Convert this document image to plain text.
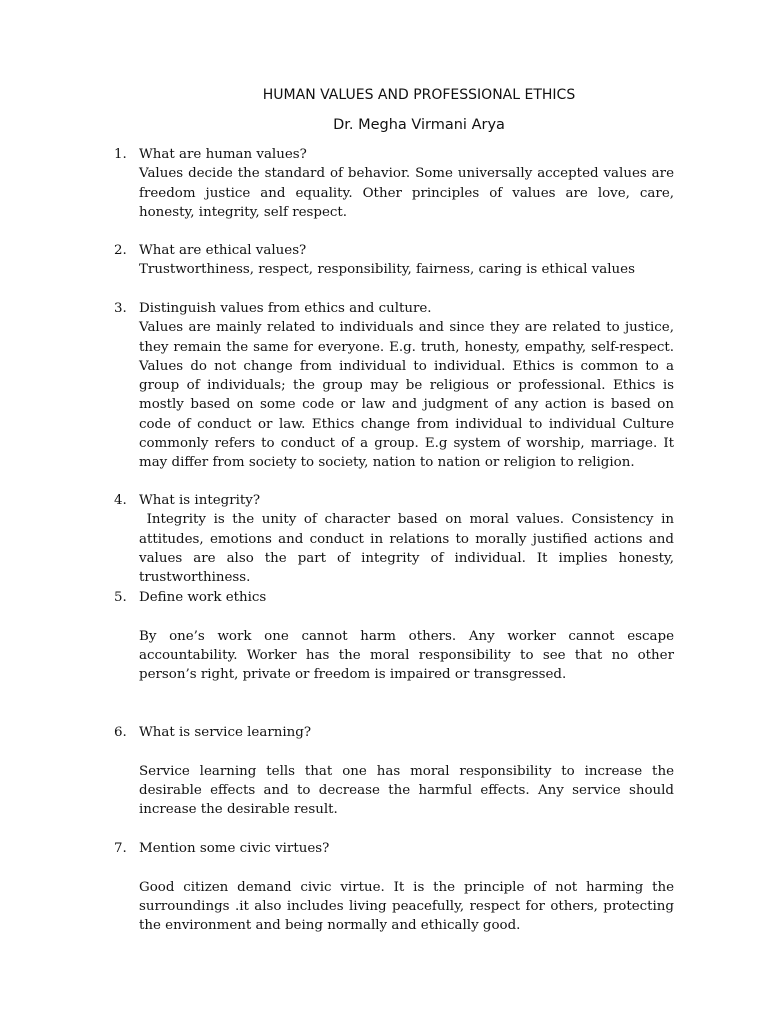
HUMAN VALUES AND PROFESSIONAL ETHICS
Dr. Megha Virmani Arya
1. What are human values?
Values decide the standard of behavior. Some universally accepted values are freedom justice and equality. Other principles of values are love, care, honesty, integrity, self respect.
2. What are ethical values?
Trustworthiness, respect, responsibility, fairness, caring is ethical values
3. Distinguish values from ethics and culture.
Values are mainly related to individuals and since they are related to justice, they remain the same for everyone. E.g. truth, honesty, empathy, self-respect. Values do not change from individual to individual. Ethics is common to a group of individuals; the group may be religious or professional. Ethics is mostly based on some code or law and judgment of any action is based on code of conduct or law. Ethics change from individual to individual Culture commonly refers to conduct of a group. E.g system of worship, marriage. It may differ from society to society, nation to nation or religion to religion.
4. What is integrity?
Integrity is the unity of character based on moral values. Consistency in attitudes, emotions and conduct in relations to morally justified actions and values are also the part of integrity of individual. It implies honesty, trustworthiness.
5. Define work ethics
By one’s work one cannot harm others. Any worker cannot escape accountability. Worker has the moral responsibility to see that no other person’s right, private or freedom is impaired or transgressed.
6. What is service learning?
Service learning tells that one has moral responsibility to increase the desirable effects and to decrease the harmful effects. Any service should increase the desirable result.
7. Mention some civic virtues?
Good citizen demand civic virtue. It is the principle of not harming the surroundings .it also includes living peacefully, respect for others, protecting the environment and being normally and ethically good.
